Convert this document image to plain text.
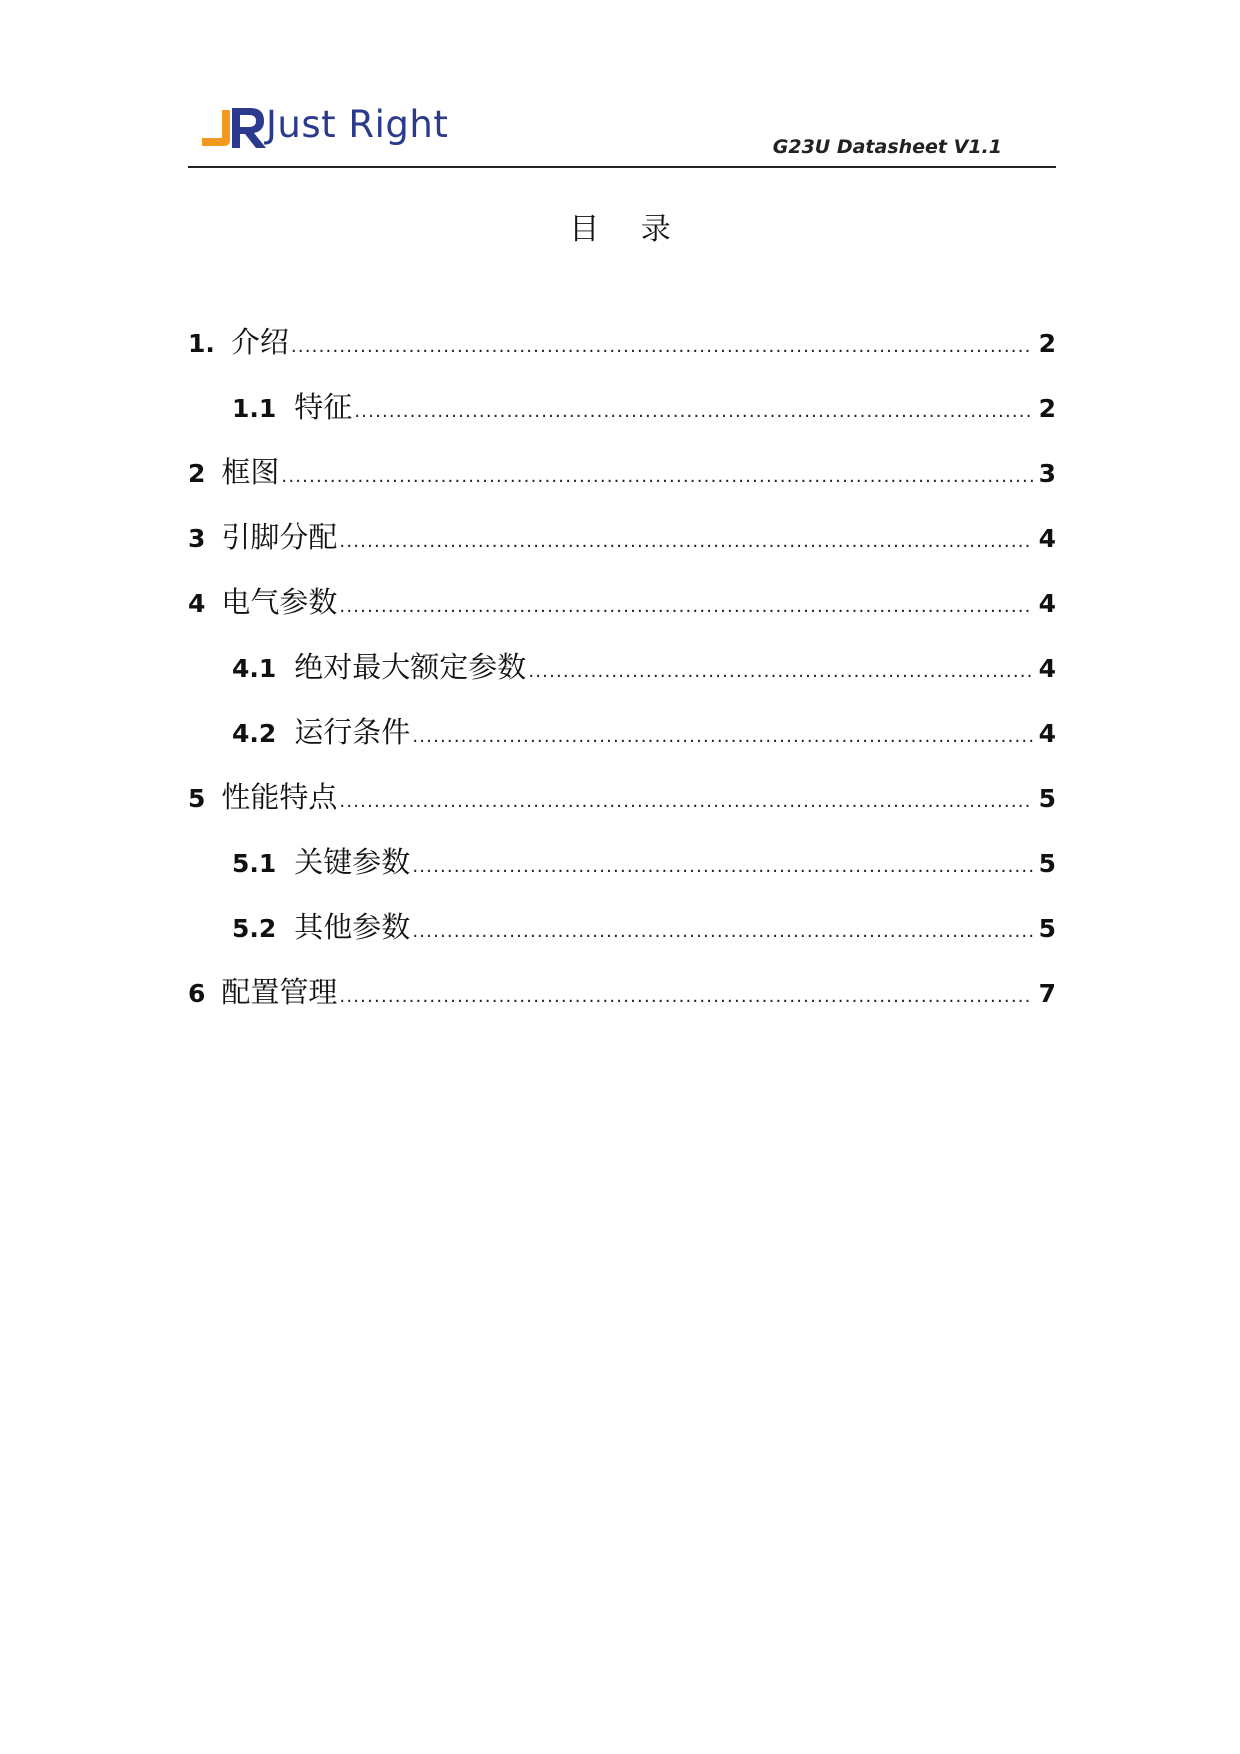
Just Right
G23U Datasheet V1.1
目 录
1. 介绍 .....	2
1.1 特征 .....	2
2 框图 .....	3
3 引脚分配 .....	4
4 电气参数 .....	4
4.1 绝对最大额定参数 .....	4
4.2 运行条件 .....	4
5 性能特点 .....	5
5.1 关键参数 .....	5
5.2 其他参数 .....	5
6 配置管理 .....	7
